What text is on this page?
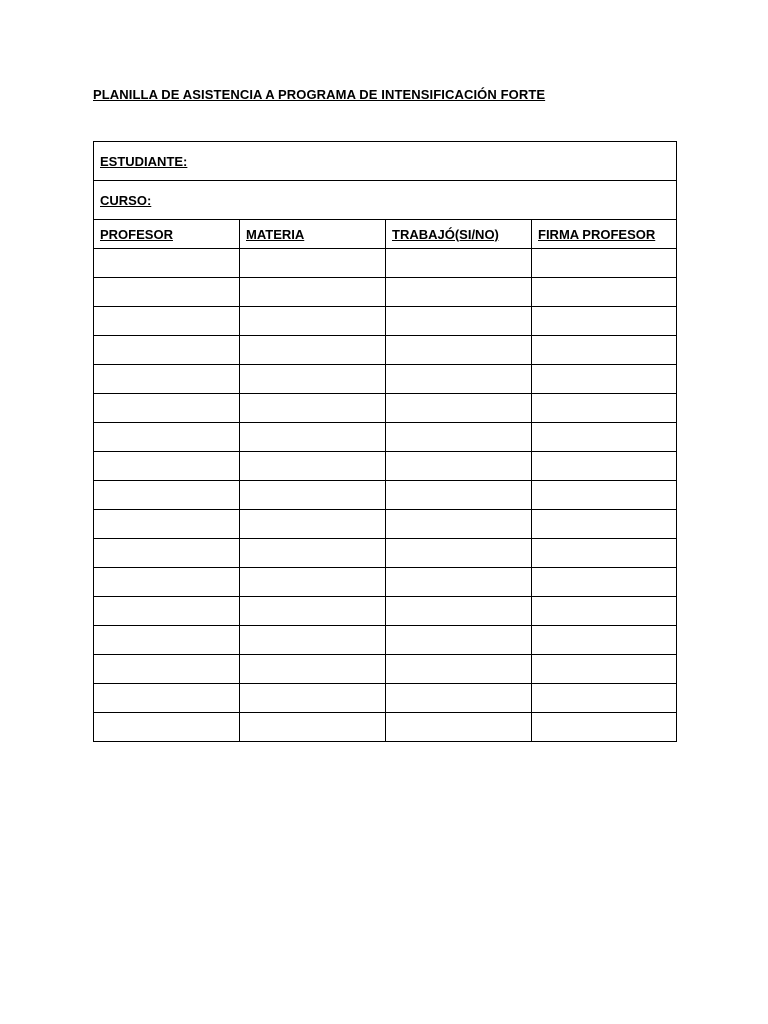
PLANILLA DE ASISTENCIA A PROGRAMA DE INTENSIFICACIÓN FORTE
ESTUDIANTE:			
CURSO:			
PROFESOR	MATERIA	TRABAJÓ(SI/NO)	FIRMA PROFESOR
